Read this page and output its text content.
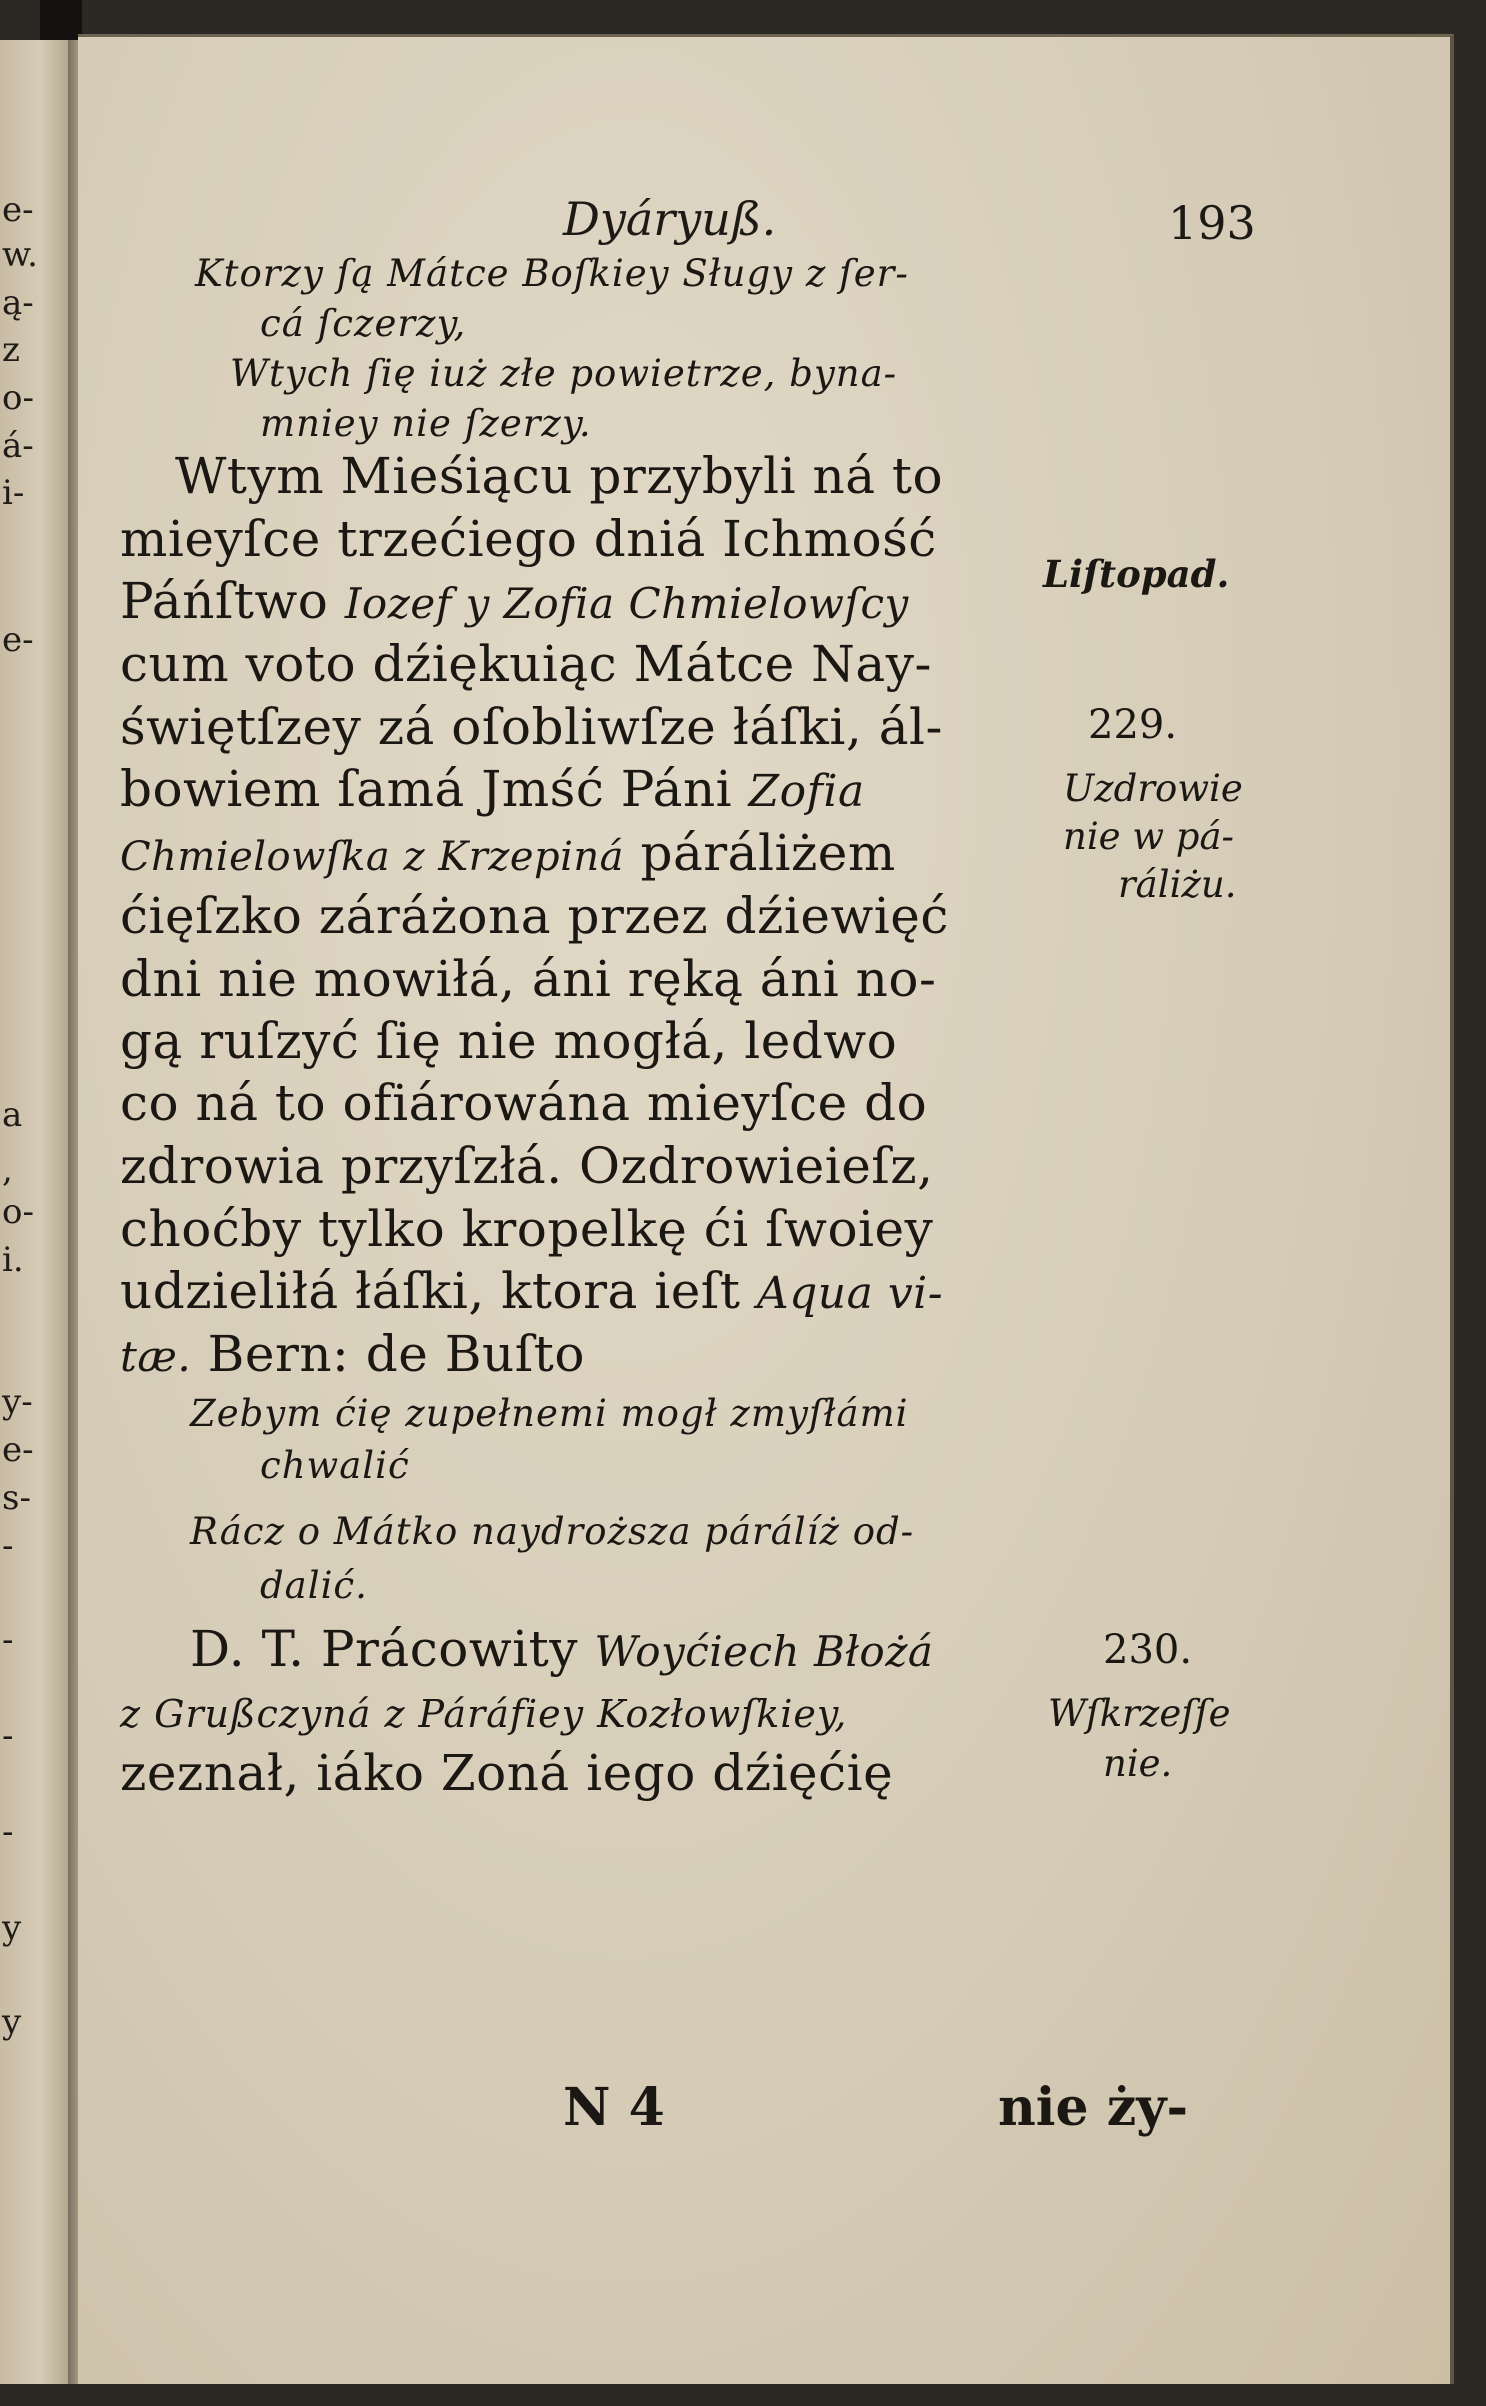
e-
w.
ą-
z
o-
á-
i-
e-
a
,
o-
i.
y-
e-
s-
-
-
-
-
y
y
Dyáryuß.	193
Ktorzy ſą Mátce Boſkiey Sługy z ſer-
cá ſczerzy,
Wtych ſię iuż złe powietrze, byna-
mniey nie ſzerzy.
Wtym Mieśiącu przybyli ná to
mieyſce trzećiego dniá Ichmość
Páńſtwo Iozef y Zofia Chmielowſcy
cum voto dźiękuiąc Mátce Nay-
świętſzey zá oſobliwſze łáſki, ál-
bowiem ſamá Jmść Páni Zofia
Chmielowſka z Krzepiná páráliżem
ćięſzko záráżona przez dźiewięć
dni nie mowiłá, áni ręką áni no-
gą ruſzyć ſię nie mogłá, ledwo
co ná to ofiárowána mieyſce do
zdrowia przyſzłá. Ozdrowieieſz,
choćby tylko kropelkę ći ſwoiey
udzieliłá łáſki, ktora ieſt Aqua vi-
tæ. Bern: de Buſto
Zebym ćię zupełnemi mogł zmyſłámi
chwalić
Rácz o Mátko naydroższa párálíż od-
dalić.
D. T. Prácowity Woyćiech Błożá
z Grußczyná z Páráfiey Kozłowſkiey,
zeznał, iáko Zoná iego dźięćię
Liſtopad.
229.
Uzdrowie
nie w pá-
ráliżu.
230.
Wſkrzeſſe
nie.
N 4	nie ży-
